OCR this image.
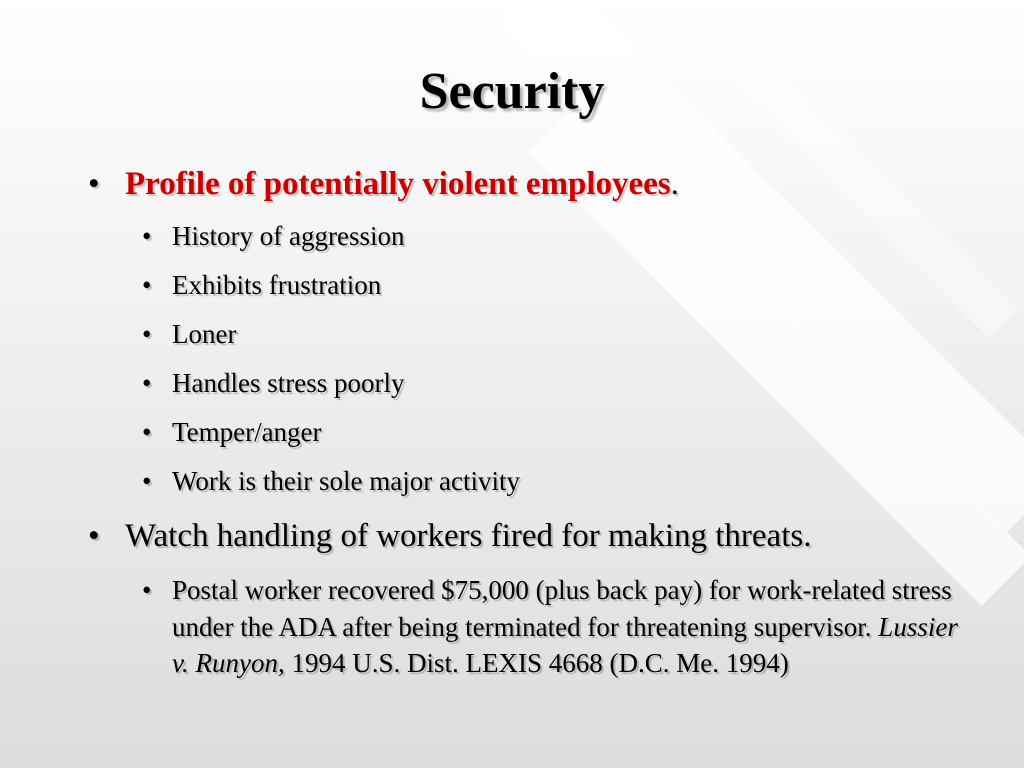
Security
• Profile of potentially violent employees.
• History of aggression
• Exhibits frustration
• Loner
• Handles stress poorly
• Temper/anger
• Work is their sole major activity
• Watch handling of workers fired for making threats.
• Postal worker recovered $75,000 (plus back pay) for work-related stress under the ADA after being terminated for threatening supervisor. Lussier v. Runyon, 1994 U.S. Dist. LEXIS 4668 (D.C. Me. 1994)
